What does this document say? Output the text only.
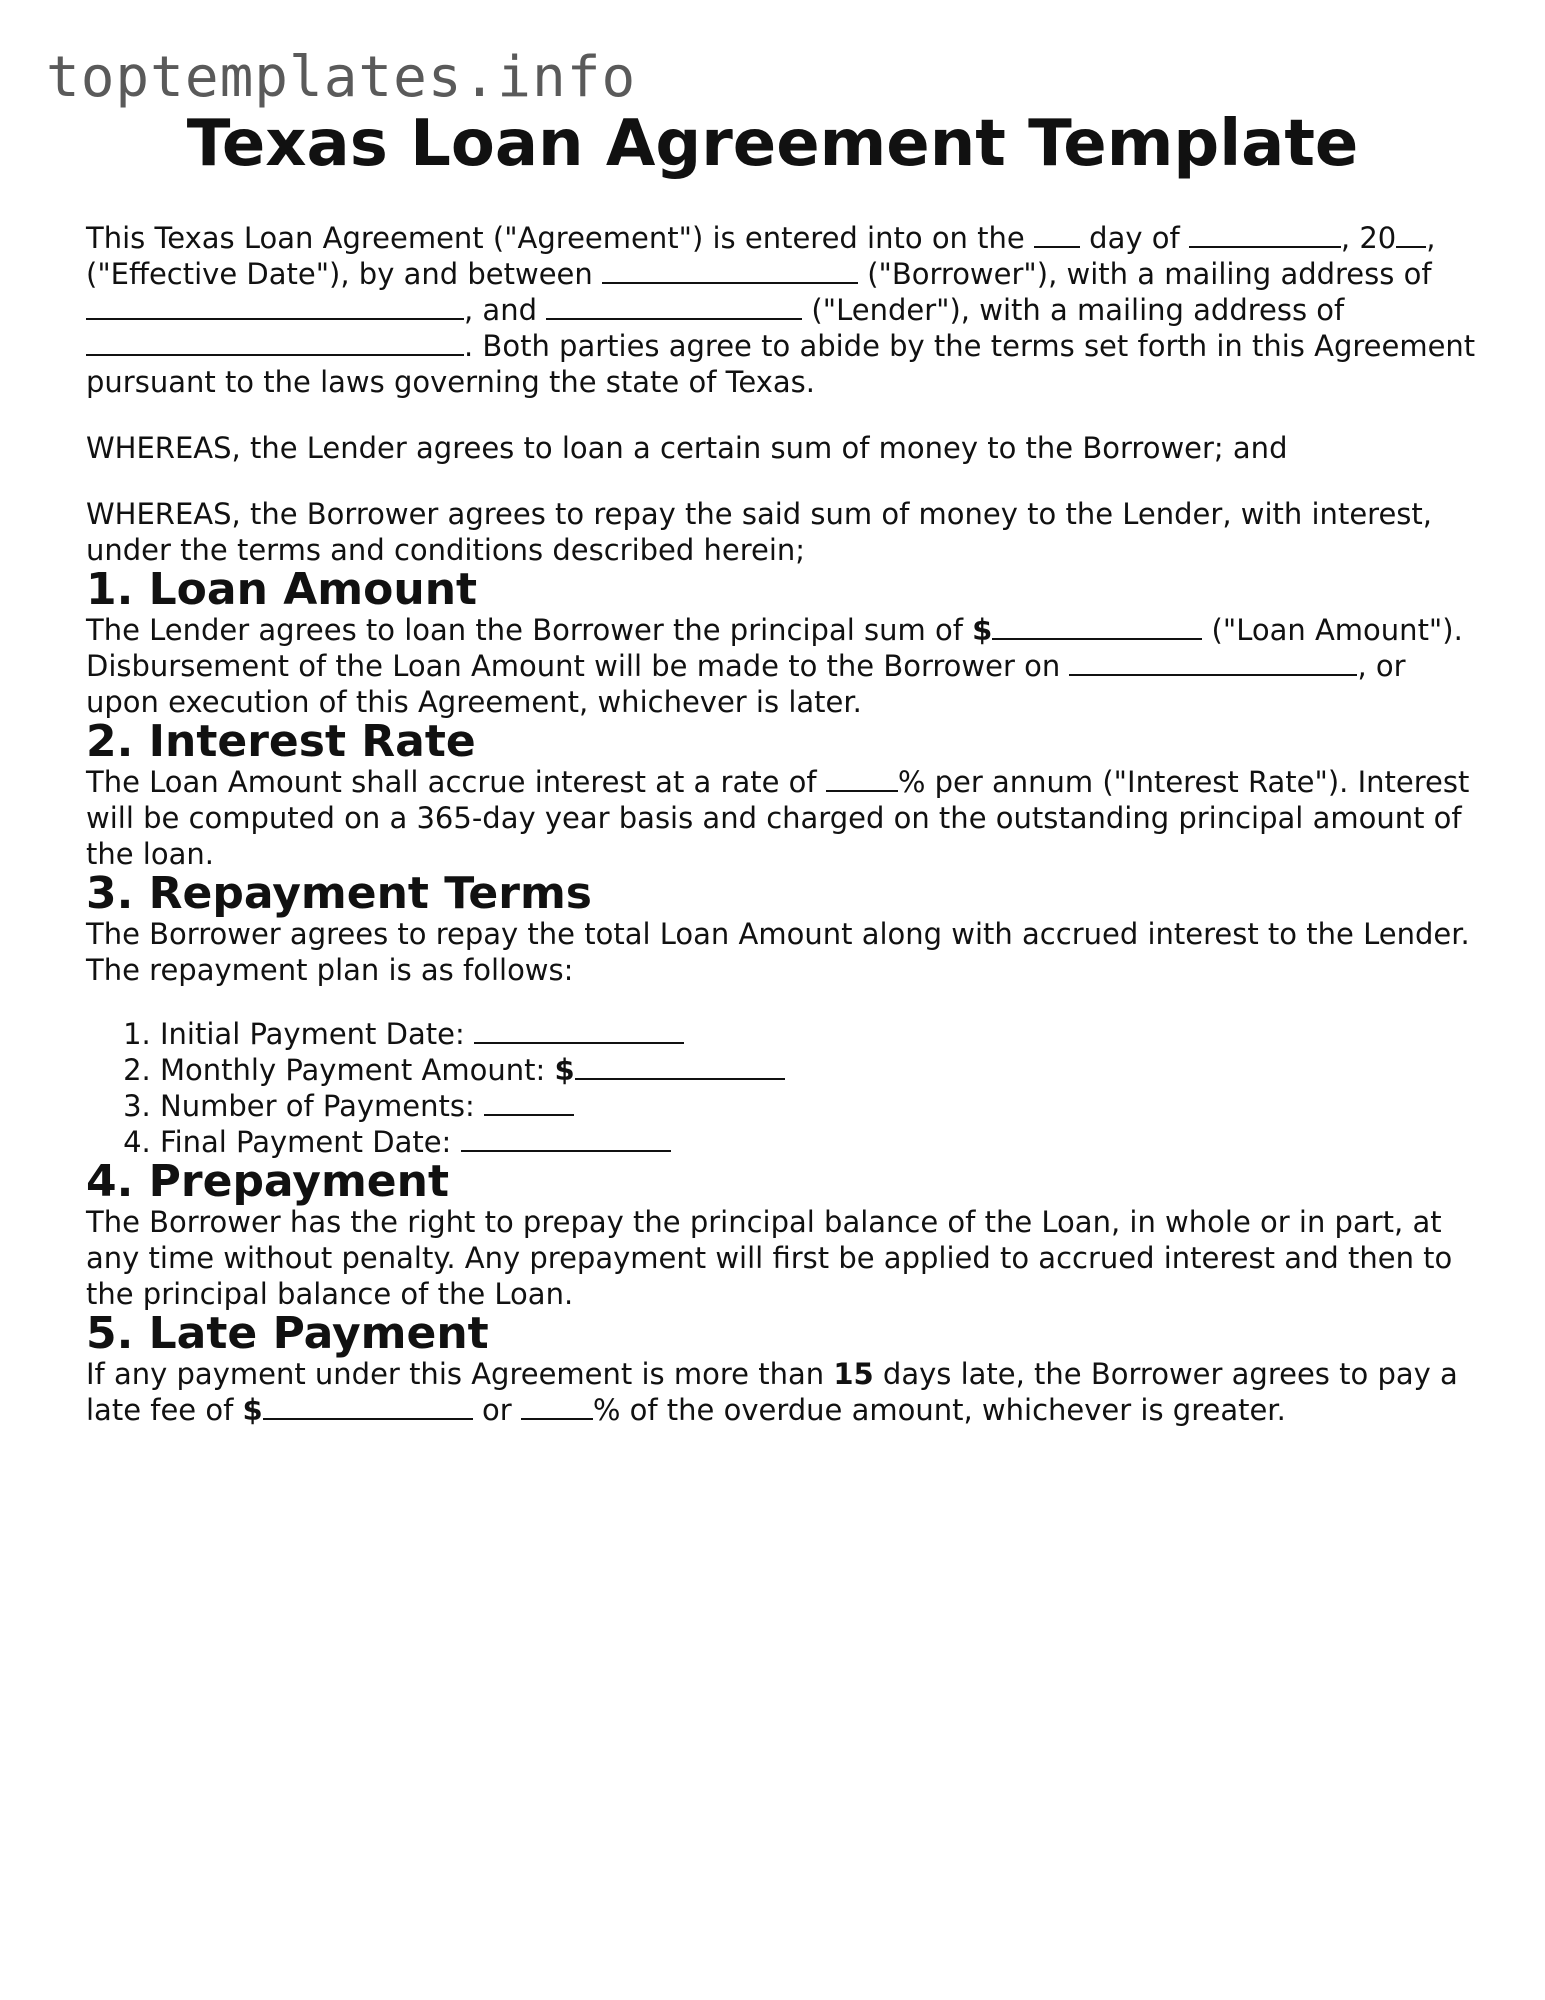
toptemplates.info
Texas Loan Agreement Template

This Texas Loan Agreement ("Agreement") is entered into on the  day of	, 20 , ("Effective Date"), by and between	("Borrower"), with a mailing address of , and	("Lender"), with a mailing address of . Both parties agree to abide by the terms set forth in this Agreement pursuant to the laws governing the state of Texas.

WHEREAS, the Lender agrees to loan a certain sum of money to the Borrower; and

WHEREAS, the Borrower agrees to repay the said sum of money to the Lender, with interest, under the terms and conditions described herein;

1. Loan Amount

The Lender agrees to loan the Borrower the principal sum of $	("Loan Amount"). Disbursement of the Loan Amount will be made to the Borrower on	, or upon execution of this Agreement, whichever is later.

2. Interest Rate

The Loan Amount shall accrue interest at a rate of % per annum ("Interest Rate"). Interest will be computed on a 365-day year basis and charged on the outstanding principal amount of the loan.

3. Repayment Terms

The Borrower agrees to repay the total Loan Amount along with accrued interest to the Lender. The repayment plan is as follows:

1. Initial Payment Date:
2. Monthly Payment Amount: $
3. Number of Payments:
4. Final Payment Date:
4. Prepayment

The Borrower has the right to prepay the principal balance of the Loan, in whole or in part, at any time without penalty. Any prepayment will first be applied to accrued interest and then to the principal balance of the Loan.

5. Late Payment

If any payment under this Agreement is more than 15 days late, the Borrower agrees to pay a late fee of $	or % of the overdue amount, whichever is greater.
